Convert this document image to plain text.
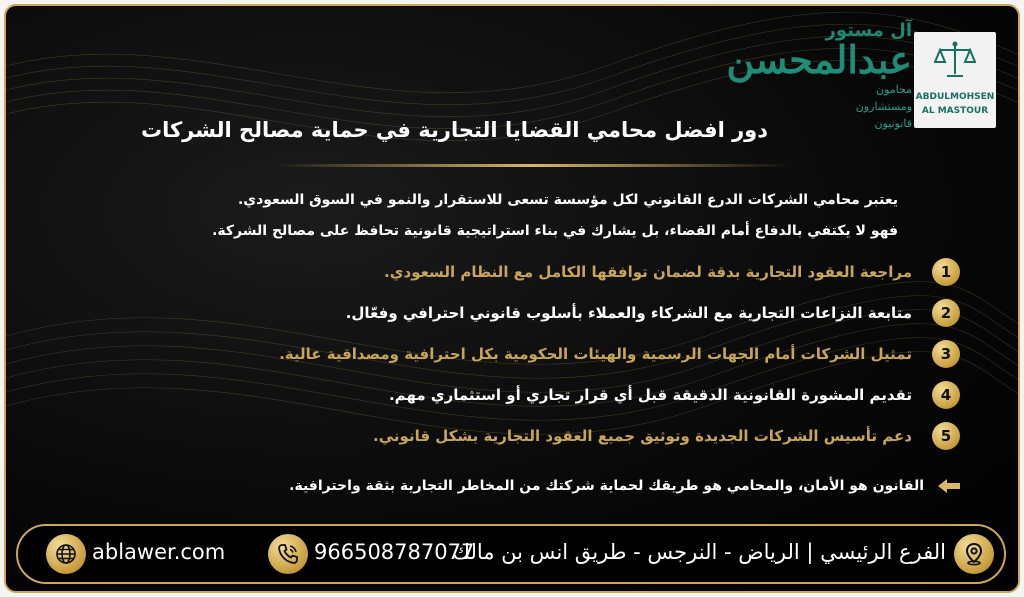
آل مستور
عبدالمحسن
محامون
ومستشارون
قانونيون
ABDULMOHSEN
AL MASTOUR
دور افضل محامي القضايا التجارية في حماية مصالح الشركات
يعتبر محامي الشركات الدرع القانوني لكل مؤسسة تسعى للاستقرار والنمو في السوق السعودي.
فهو لا يكتفي بالدفاع أمام القضاء، بل يشارك في بناء استراتيجية قانونية تحافظ على مصالح الشركة.
1
مراجعة العقود التجارية بدقة لضمان توافقها الكامل مع النظام السعودي.
2
متابعة النزاعات التجارية مع الشركاء والعملاء بأسلوب قانوني احترافي وفعّال.
3
تمثيل الشركات أمام الجهات الرسمية والهيئات الحكومية بكل احترافية ومصداقية عالية.
4
تقديم المشورة القانونية الدقيقة قبل أي قرار تجاري أو استثماري مهم.
5
دعم تأسيس الشركات الجديدة وتوثيق جميع العقود التجارية بشكل قانوني.
القانون هو الأمان، والمحامي هو طريقك لحماية شركتك من المخاطر التجارية بثقة واحترافية.
الفرع الرئيسي | الرياض - النرجس - طريق انس بن مالك
966508787077
ablawer.com
